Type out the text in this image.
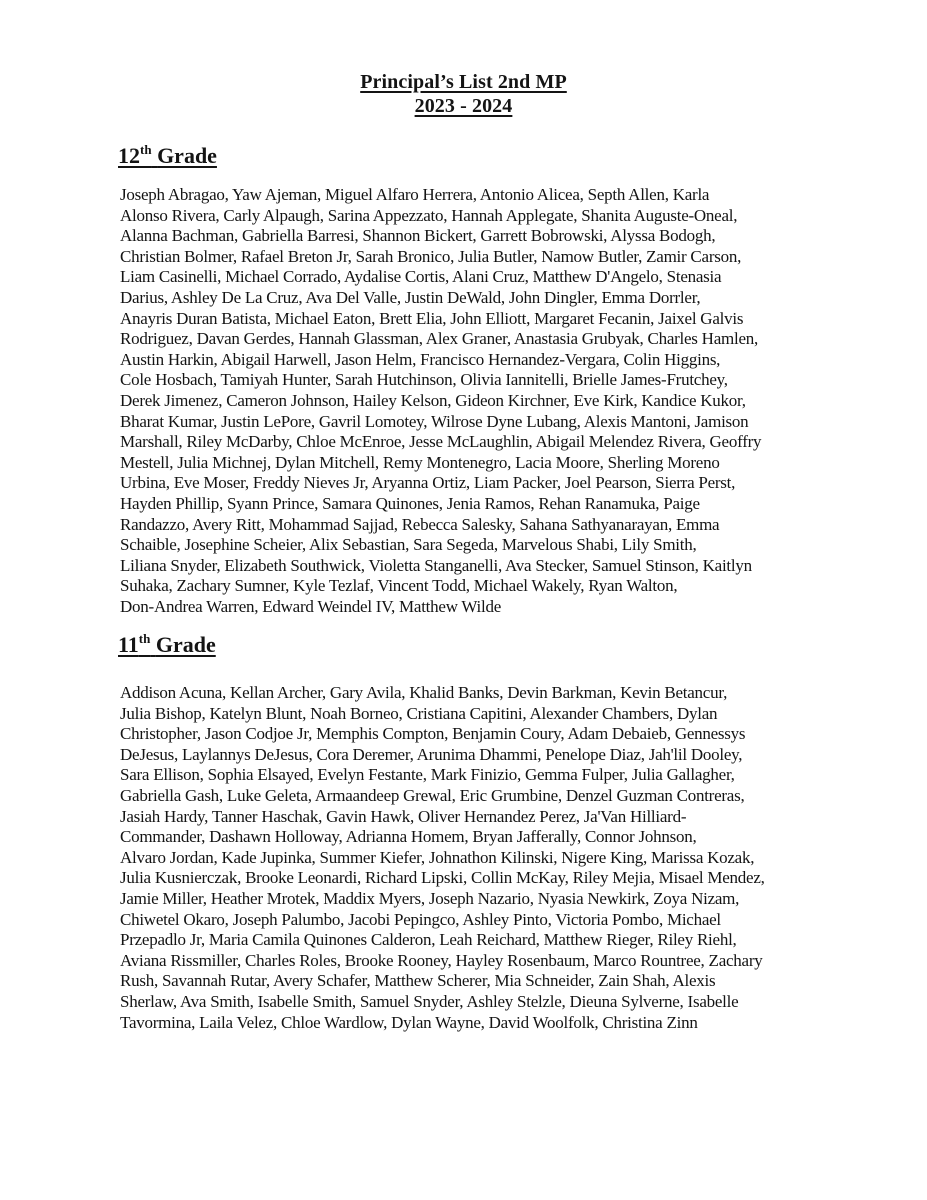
Principal’s List 2nd MP
2023 - 2024
12th Grade
Joseph Abragao, Yaw Ajeman, Miguel Alfaro Herrera, Antonio Alicea, Septh Allen, Karla
Alonso Rivera, Carly Alpaugh, Sarina Appezzato, Hannah Applegate, Shanita Auguste-Oneal,
Alanna Bachman, Gabriella Barresi, Shannon Bickert, Garrett Bobrowski, Alyssa Bodogh,
Christian Bolmer, Rafael Breton Jr, Sarah Bronico, Julia Butler, Namow Butler, Zamir Carson,
Liam Casinelli, Michael Corrado, Aydalise Cortis, Alani Cruz, Matthew D'Angelo, Stenasia
Darius, Ashley De La Cruz, Ava Del Valle, Justin DeWald, John Dingler, Emma Dorrler,
Anayris Duran Batista, Michael Eaton, Brett Elia, John Elliott, Margaret Fecanin, Jaixel Galvis
Rodriguez, Davan Gerdes, Hannah Glassman, Alex Graner, Anastasia Grubyak, Charles Hamlen,
Austin Harkin, Abigail Harwell, Jason Helm, Francisco Hernandez-Vergara, Colin Higgins,
Cole Hosbach, Tamiyah Hunter, Sarah Hutchinson, Olivia Iannitelli, Brielle James-Frutchey,
Derek Jimenez, Cameron Johnson, Hailey Kelson, Gideon Kirchner, Eve Kirk, Kandice Kukor,
Bharat Kumar, Justin LePore, Gavril Lomotey, Wilrose Dyne Lubang, Alexis Mantoni, Jamison
Marshall, Riley McDarby, Chloe McEnroe, Jesse McLaughlin, Abigail Melendez Rivera, Geoffry
Mestell, Julia Michnej, Dylan Mitchell, Remy Montenegro, Lacia Moore, Sherling Moreno
Urbina, Eve Moser, Freddy Nieves Jr, Aryanna Ortiz, Liam Packer, Joel Pearson, Sierra Perst,
Hayden Phillip, Syann Prince, Samara Quinones, Jenia Ramos, Rehan Ranamuka, Paige
Randazzo, Avery Ritt, Mohammad Sajjad, Rebecca Salesky, Sahana Sathyanarayan, Emma
Schaible, Josephine Scheier, Alix Sebastian, Sara Segeda, Marvelous Shabi, Lily Smith,
Liliana Snyder, Elizabeth Southwick, Violetta Stanganelli, Ava Stecker, Samuel Stinson, Kaitlyn
Suhaka, Zachary Sumner, Kyle Tezlaf, Vincent Todd, Michael Wakely, Ryan Walton,
Don-Andrea Warren, Edward Weindel IV, Matthew Wilde
11th Grade
Addison Acuna, Kellan Archer, Gary Avila, Khalid Banks, Devin Barkman, Kevin Betancur,
Julia Bishop, Katelyn Blunt, Noah Borneo, Cristiana Capitini, Alexander Chambers, Dylan
Christopher, Jason Codjoe Jr, Memphis Compton, Benjamin Coury, Adam Debaieb, Gennessys
DeJesus, Laylannys DeJesus, Cora Deremer, Arunima Dhammi, Penelope Diaz, Jah'lil Dooley,
Sara Ellison, Sophia Elsayed, Evelyn Festante, Mark Finizio, Gemma Fulper, Julia Gallagher,
Gabriella Gash, Luke Geleta, Armaandeep Grewal, Eric Grumbine, Denzel Guzman Contreras,
Jasiah Hardy, Tanner Haschak, Gavin Hawk, Oliver Hernandez Perez, Ja'Van Hilliard-
Commander, Dashawn Holloway, Adrianna Homem, Bryan Jafferally, Connor Johnson,
Alvaro Jordan, Kade Jupinka, Summer Kiefer, Johnathon Kilinski, Nigere King, Marissa Kozak,
Julia Kusnierczak, Brooke Leonardi, Richard Lipski, Collin McKay, Riley Mejia, Misael Mendez,
Jamie Miller, Heather Mrotek, Maddix Myers, Joseph Nazario, Nyasia Newkirk, Zoya Nizam,
Chiwetel Okaro, Joseph Palumbo, Jacobi Pepingco, Ashley Pinto, Victoria Pombo, Michael
Przepadlo Jr, Maria Camila Quinones Calderon, Leah Reichard, Matthew Rieger, Riley Riehl,
Aviana Rissmiller, Charles Roles, Brooke Rooney, Hayley Rosenbaum, Marco Rountree, Zachary
Rush, Savannah Rutar, Avery Schafer, Matthew Scherer, Mia Schneider, Zain Shah, Alexis
Sherlaw, Ava Smith, Isabelle Smith, Samuel Snyder, Ashley Stelzle, Dieuna Sylverne, Isabelle
Tavormina, Laila Velez, Chloe Wardlow, Dylan Wayne, David Woolfolk, Christina Zinn
